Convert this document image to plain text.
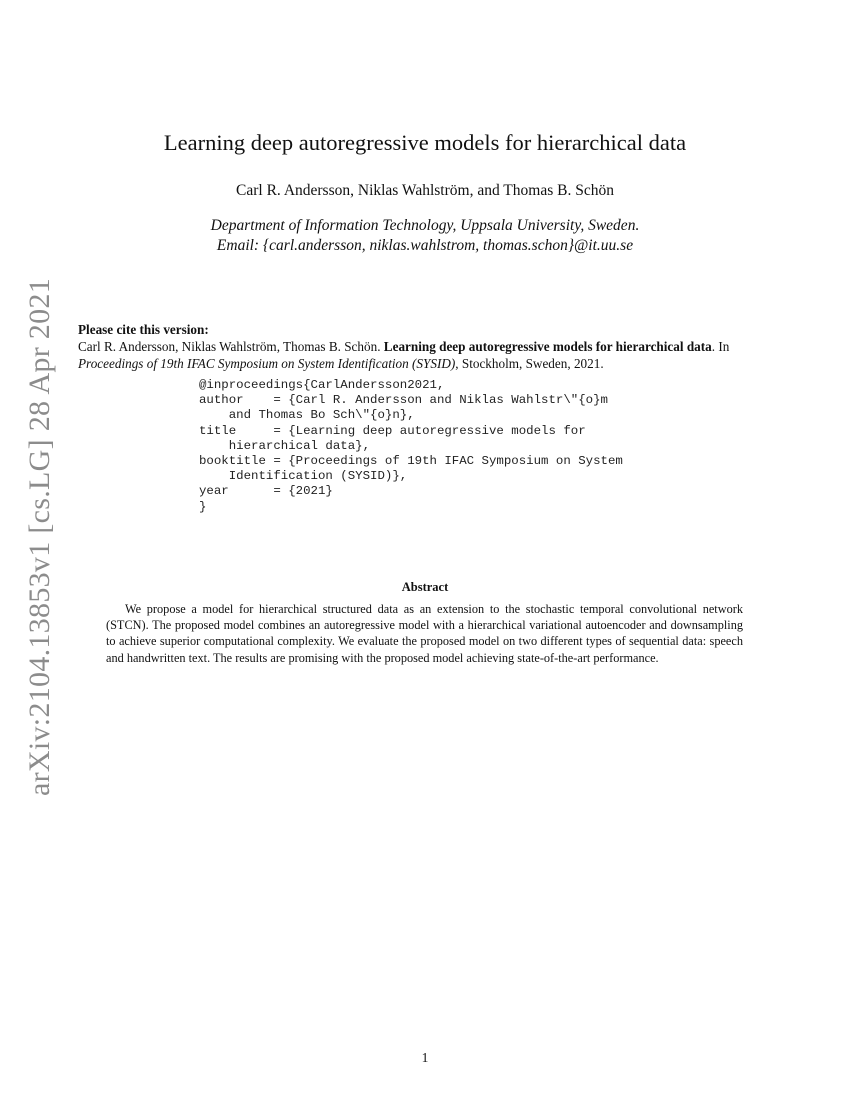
arXiv:2104.13853v1 [cs.LG] 28 Apr 2021
Learning deep autoregressive models for hierarchical data
Carl R. Andersson, Niklas Wahlström, and Thomas B. Schön
Department of Information Technology, Uppsala University, Sweden.
Email: {carl.andersson, niklas.wahlstrom, thomas.schon}@it.uu.se
Please cite this version:
Carl R. Andersson, Niklas Wahlström, Thomas B. Schön. Learning deep autoregressive models for hierarchical data. In Proceedings of 19th IFAC Symposium on System Identification (SYSID), Stockholm, Sweden, 2021.
@inproceedings{CarlAndersson2021,
author    = {Carl R. Andersson and Niklas Wahlstr\"{o}m
and Thomas Bo Sch\"{o}n},
title     = {Learning deep autoregressive models for
hierarchical data},
booktitle = {Proceedings of 19th IFAC Symposium on System
Identification (SYSID)},
year      = {2021}
}
Abstract

We propose a model for hierarchical structured data as an extension to the stochastic temporal convolutional network (STCN). The proposed model combines an autoregressive model with a hierarchical variational autoencoder and downsampling to achieve superior computational complexity. We evaluate the proposed model on two different types of sequential data: speech and handwritten text. The results are promising with the proposed model achieving state-of-the-art performance.

1
